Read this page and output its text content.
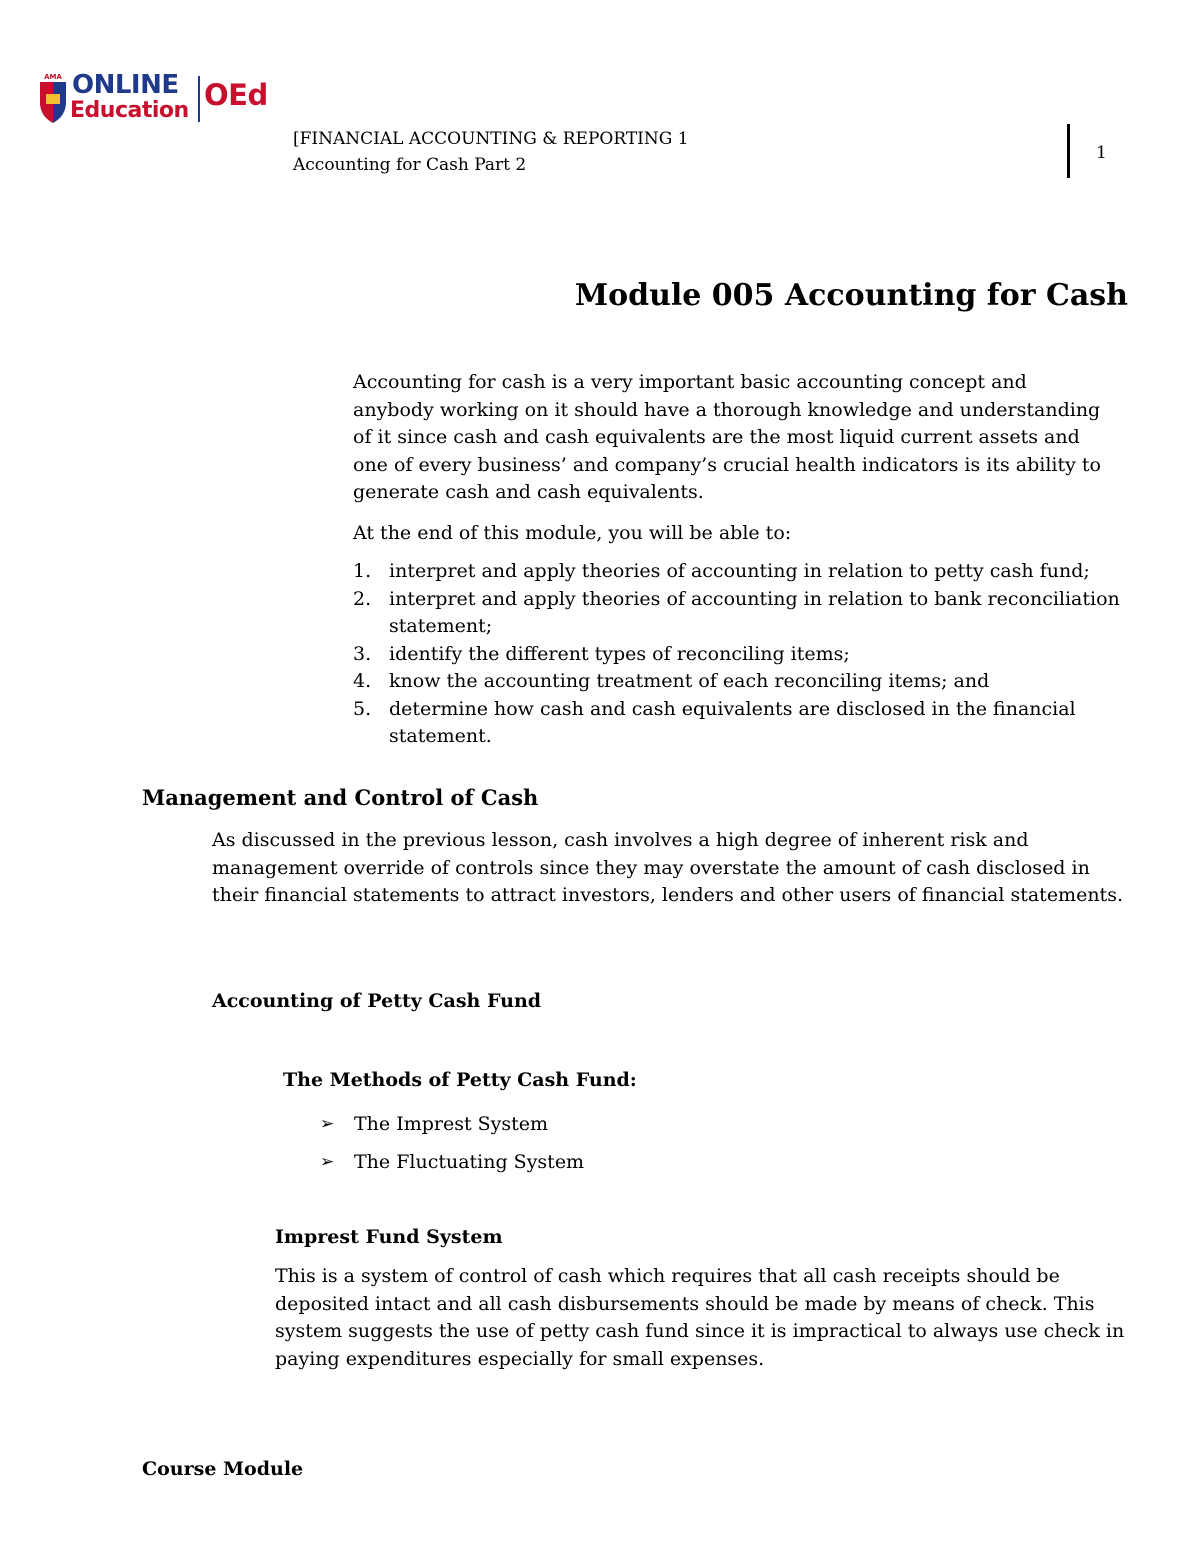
AMA ONLINE
Education OEd
[FINANCIAL ACCOUNTING & REPORTING 1
Accounting for Cash Part 2
1
Module 005 Accounting for Cash
Accounting for cash is a very important basic accounting concept and anybody working on it should have a thorough knowledge and understanding of it since cash and cash equivalents are the most liquid current assets and one of every business’ and company’s crucial health indicators is its ability to generate cash and cash equivalents.
At the end of this module, you will be able to:
1. interpret and apply theories of accounting in relation to petty cash fund;
2. interpret and apply theories of accounting in relation to bank reconciliation statement;
3. identify the different types of reconciling items;
4. know the accounting treatment of each reconciling items; and
5. determine how cash and cash equivalents are disclosed in the financial statement.
Management and Control of Cash
As discussed in the previous lesson, cash involves a high degree of inherent risk and management override of controls since they may overstate the amount of cash disclosed in their financial statements to attract investors, lenders and other users of financial statements.
Accounting of Petty Cash Fund
The Methods of Petty Cash Fund:
➢ The Imprest System
➢ The Fluctuating System
Imprest Fund System
This is a system of control of cash which requires that all cash receipts should be deposited intact and all cash disbursements should be made by means of check. This system suggests the use of petty cash fund since it is impractical to always use check in paying expenditures especially for small expenses.
Course Module
